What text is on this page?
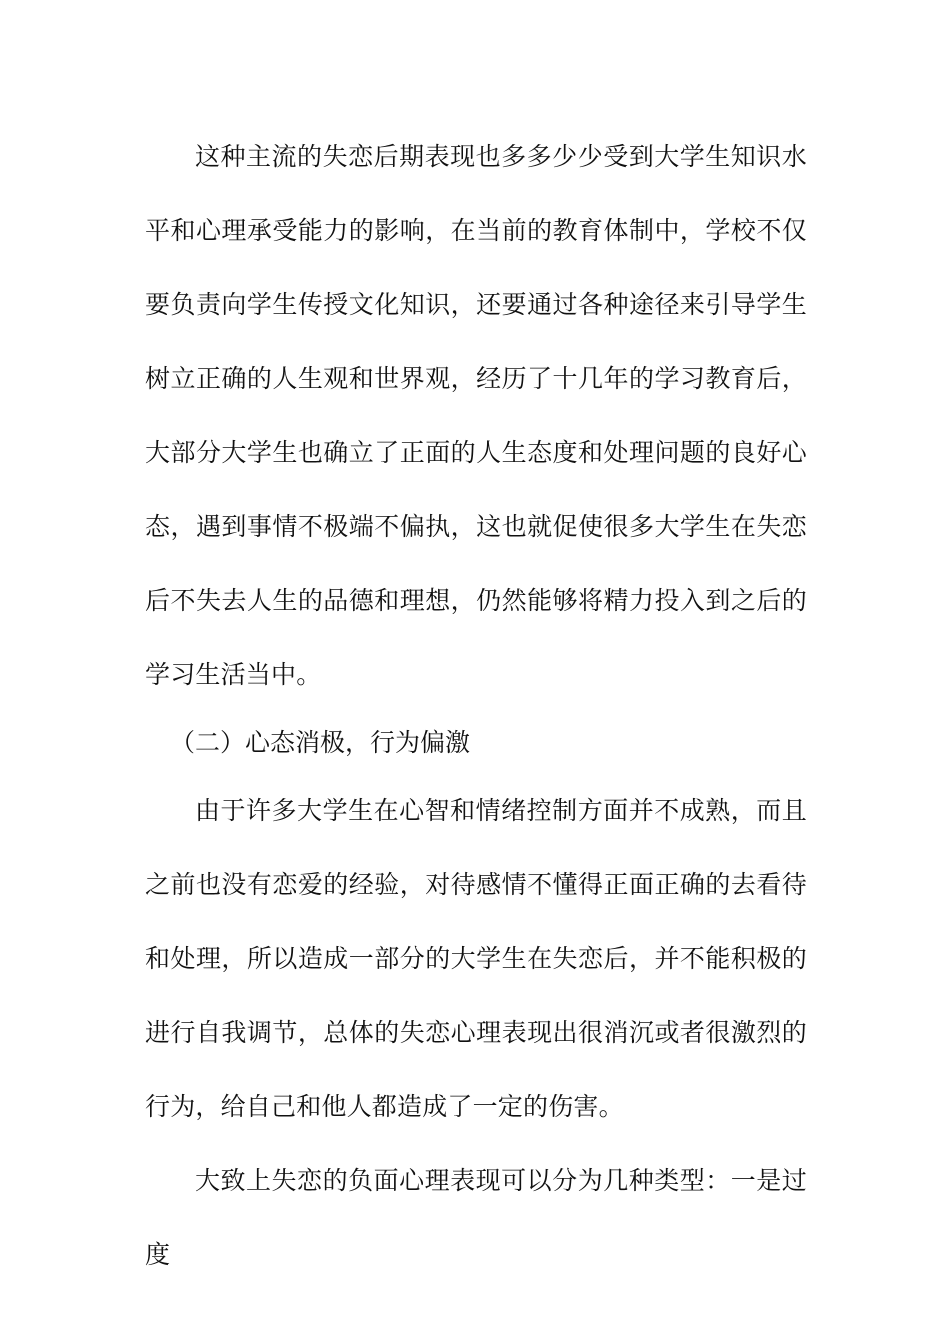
这种主流的失恋后期表现也多多少少受到大学生知识水平和心理承受能力的影响，在当前的教育体制中，学校不仅要负责向学生传授文化知识，还要通过各种途径来引导学生树立正确的人生观和世界观，经历了十几年的学习教育后，大部分大学生也确立了正面的人生态度和处理问题的良好心态，遇到事情不极端不偏执，这也就促使很多大学生在失恋后不失去人生的品德和理想，仍然能够将精力投入到之后的学习生活当中。

（二）心态消极，行为偏激

由于许多大学生在心智和情绪控制方面并不成熟，而且之前也没有恋爱的经验，对待感情不懂得正面正确的去看待和处理，所以造成一部分的大学生在失恋后，并不能积极的进行自我调节，总体的失恋心理表现出很消沉或者很激烈的行为，给自己和他人都造成了一定的伤害。

大致上失恋的负面心理表现可以分为几种类型：一是过度
